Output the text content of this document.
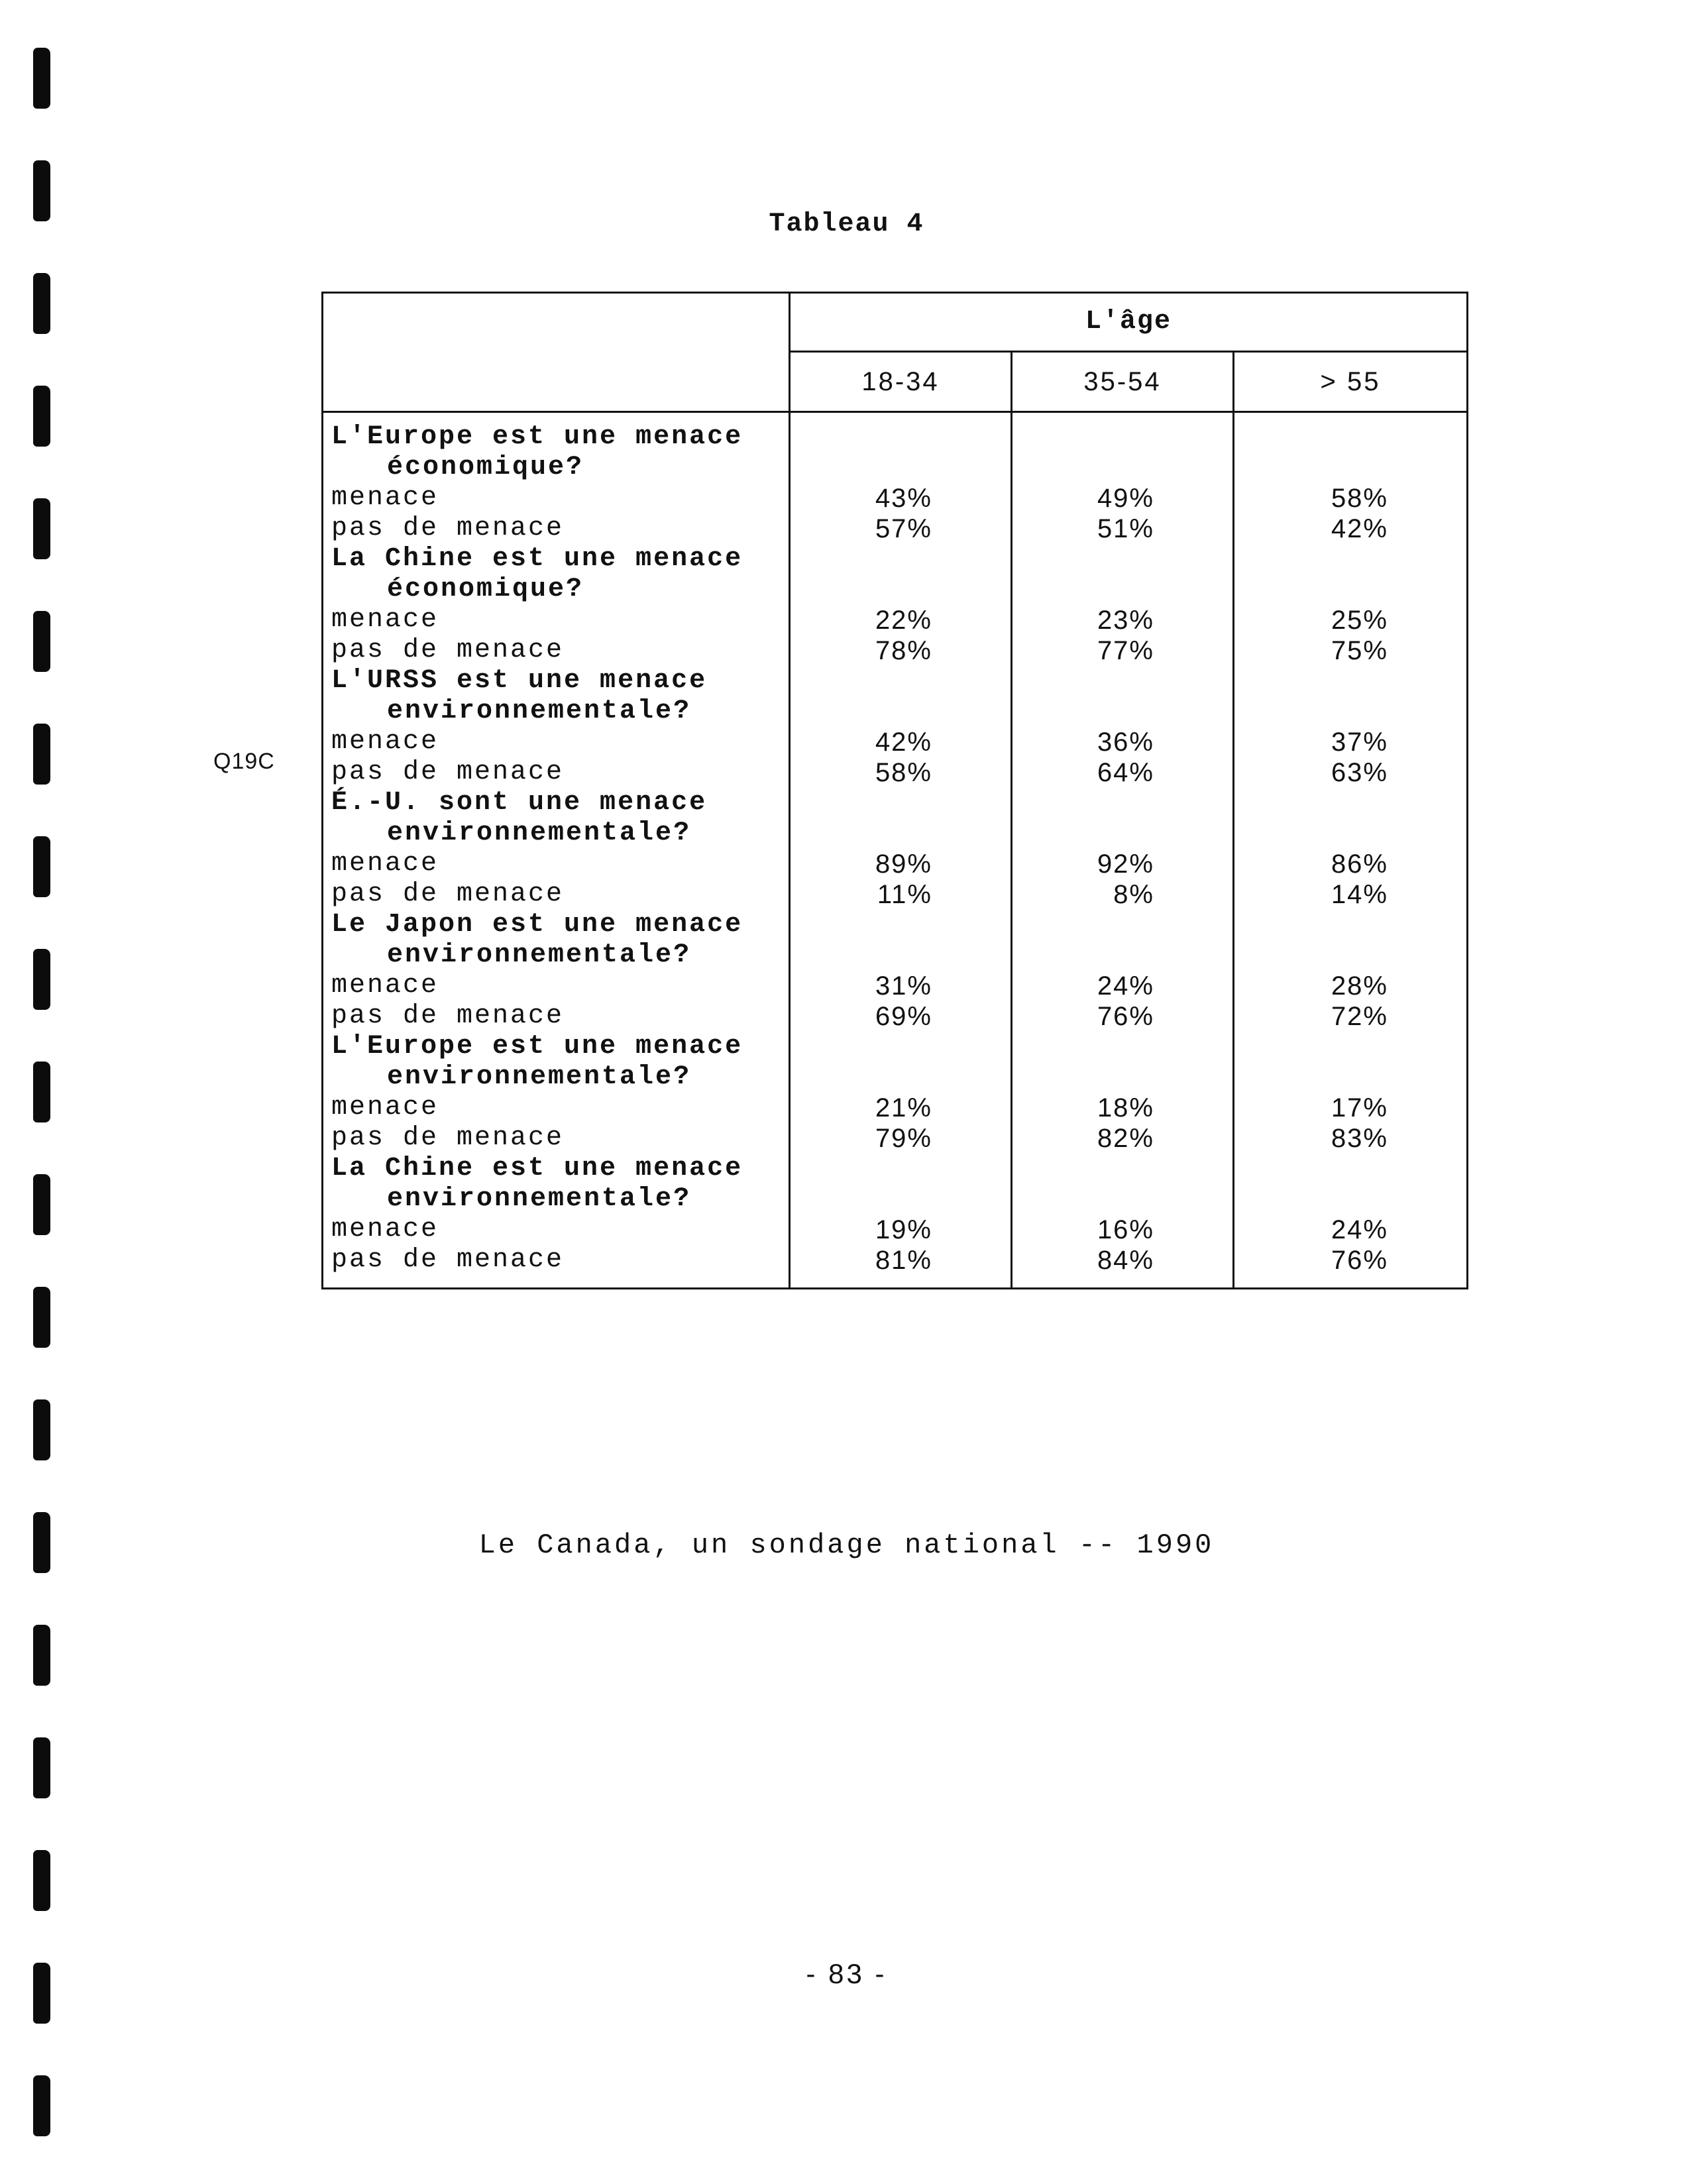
Tableau 4
Q19C
	L'âge		
	18-34	35-54	> 55

L'Europe est une menace
économique?			

menace	43%	49%	58%
pas de menace	57%	51%	42%

La Chine est une menace
économique?			

menace	22%	23%	25%
pas de menace	78%	77%	75%

L'URSS est une menace
environnementale?			

menace	42%	36%	37%
pas de menace	58%	64%	63%

É.-U. sont une menace
environnementale?			

menace	89%	92%	86%
pas de menace	11%	8%	14%

Le Japon est une menace
environnementale?			

menace	31%	24%	28%
pas de menace	69%	76%	72%

L'Europe est une menace
environnementale?			

menace	21%	18%	17%
pas de menace	79%	82%	83%

La Chine est une menace
environnementale?			

menace	19%	16%	24%
pas de menace	81%	84%	76%
Le Canada, un sondage national -- 1990
- 83 -
